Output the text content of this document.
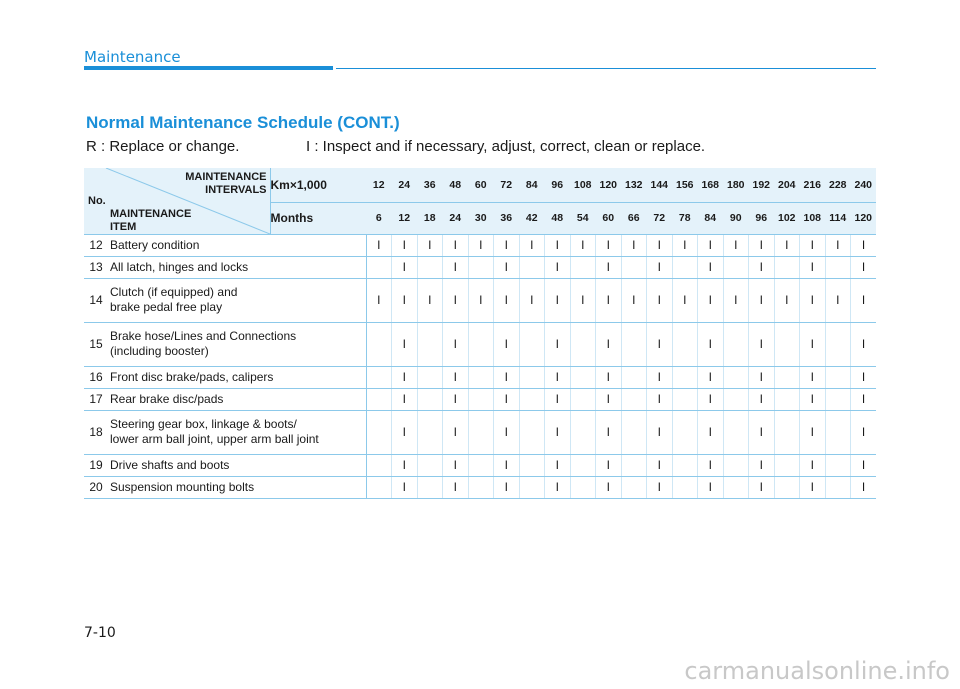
Maintenance
Normal Maintenance Schedule (CONT.)
R : Replace or change.	I : Inspect and if necessary, adjust, correct, clean or replace.
MAINTENANCE
INTERVALS
No.
MAINTENANCE
ITEM		Km×1,000	12	24	36	48	60	72	84	96	108	120	132	144	156	168	180	192	204	216	228	240
		Months	6	12	18	24	30	36	42	48	54	60	66	72	78	84	90	96	102	108	114	120
12	Battery condition		I	I	I	I	I	I	I	I	I	I	I	I	I	I	I	I	I	I	I	I
13	All latch, hinges and locks			I		I		I		I		I		I		I		I		I		I
14	Clutch (if equipped) and
brake pedal free play		I	I	I	I	I	I	I	I	I	I	I	I	I	I	I	I	I	I	I	I
15	Brake hose/Lines and Connections
(including booster)			I		I		I		I		I		I		I		I		I		I
16	Front disc brake/pads, calipers			I		I		I		I		I		I		I		I		I		I
17	Rear brake disc/pads			I		I		I		I		I		I		I		I		I		I
18	Steering gear box, linkage & boots/
lower arm ball joint, upper arm ball joint			I		I		I		I		I		I		I		I		I		I
19	Drive shafts and boots			I		I		I		I		I		I		I		I		I		I
20	Suspension mounting bolts			I		I		I		I		I		I		I		I		I		I
7-10
carmanualsonline.info
